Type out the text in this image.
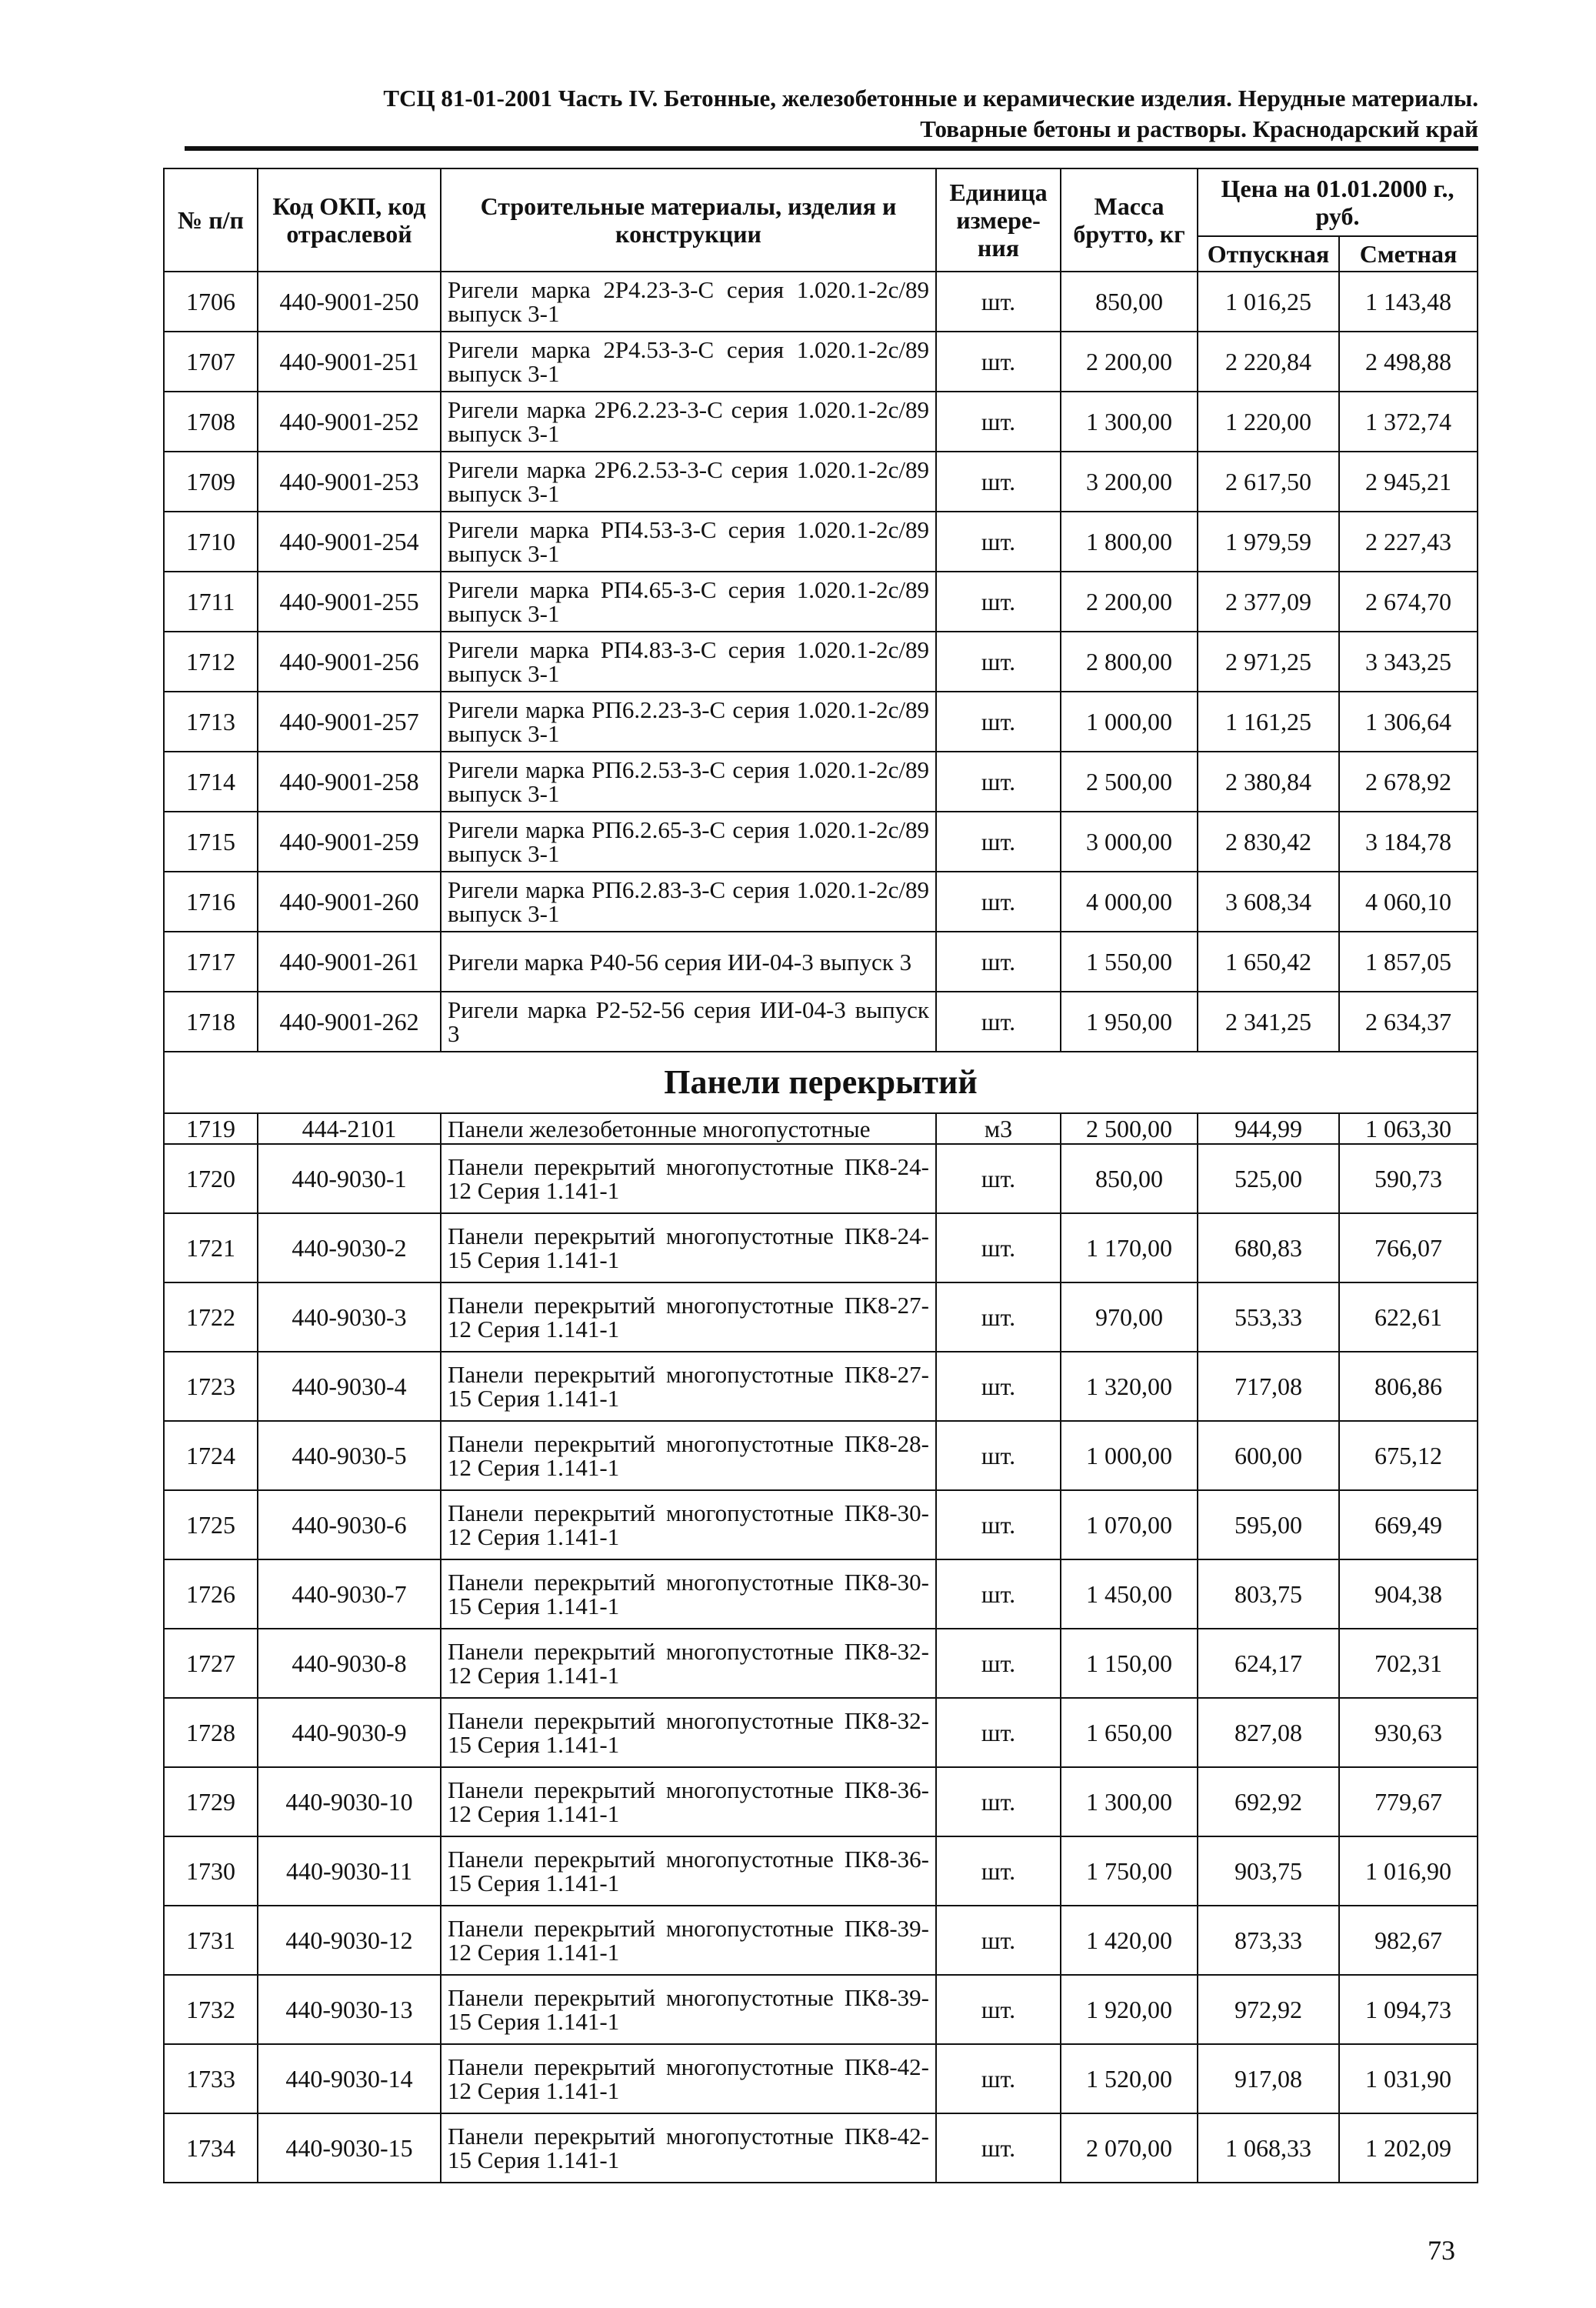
ТСЦ 81-01-2001 Часть IV. Бетонные, железобетонные и керамические изделия. Нерудные материалы.
Товарные бетоны и растворы. Краснодарский край
№ п/п	Код ОКП, код отраслевой	Строительные материалы, изделия и конструкции	Единица измере-ния	Масса брутто, кг	Цена на 01.01.2000 г., руб.	
					Отпускная	Сметная
1706	440-9001-250	Ригели марка 2Р4.23-3-С серия 1.020.1-2с/89 выпуск 3-1	шт.	850,00	1 016,25	1 143,48
1707	440-9001-251	Ригели марка 2Р4.53-3-С серия 1.020.1-2с/89 выпуск 3-1	шт.	2 200,00	2 220,84	2 498,88
1708	440-9001-252	Ригели марка 2Р6.2.23-3-С серия 1.020.1-2с/89 выпуск 3-1	шт.	1 300,00	1 220,00	1 372,74
1709	440-9001-253	Ригели марка 2Р6.2.53-3-С серия 1.020.1-2с/89 выпуск 3-1	шт.	3 200,00	2 617,50	2 945,21
1710	440-9001-254	Ригели марка РП4.53-3-С серия 1.020.1-2с/89 выпуск 3-1	шт.	1 800,00	1 979,59	2 227,43
1711	440-9001-255	Ригели марка РП4.65-3-С серия 1.020.1-2с/89 выпуск 3-1	шт.	2 200,00	2 377,09	2 674,70
1712	440-9001-256	Ригели марка РП4.83-3-С серия 1.020.1-2с/89 выпуск 3-1	шт.	2 800,00	2 971,25	3 343,25
1713	440-9001-257	Ригели марка РП6.2.23-3-С серия 1.020.1-2с/89 выпуск 3-1	шт.	1 000,00	1 161,25	1 306,64
1714	440-9001-258	Ригели марка РП6.2.53-3-С серия 1.020.1-2с/89 выпуск 3-1	шт.	2 500,00	2 380,84	2 678,92
1715	440-9001-259	Ригели марка РП6.2.65-3-С серия 1.020.1-2с/89 выпуск 3-1	шт.	3 000,00	2 830,42	3 184,78
1716	440-9001-260	Ригели марка РП6.2.83-3-С серия 1.020.1-2с/89 выпуск 3-1	шт.	4 000,00	3 608,34	4 060,10
1717	440-9001-261	Ригели марка Р40-56 серия ИИ-04-3 выпуск 3	шт.	1 550,00	1 650,42	1 857,05
1718	440-9001-262	Ригели марка Р2-52-56 серия ИИ-04-3 выпуск 3	шт.	1 950,00	2 341,25	2 634,37
Панели перекрытий						
1719	444-2101	Панели железобетонные многопустотные	м3	2 500,00	944,99	1 063,30
1720	440-9030-1	Панели перекрытий многопустотные ПК8-24-12 Серия 1.141-1	шт.	850,00	525,00	590,73
1721	440-9030-2	Панели перекрытий многопустотные ПК8-24-15 Серия 1.141-1	шт.	1 170,00	680,83	766,07
1722	440-9030-3	Панели перекрытий многопустотные ПК8-27-12 Серия 1.141-1	шт.	970,00	553,33	622,61
1723	440-9030-4	Панели перекрытий многопустотные ПК8-27-15 Серия 1.141-1	шт.	1 320,00	717,08	806,86
1724	440-9030-5	Панели перекрытий многопустотные ПК8-28-12 Серия 1.141-1	шт.	1 000,00	600,00	675,12
1725	440-9030-6	Панели перекрытий многопустотные ПК8-30-12 Серия 1.141-1	шт.	1 070,00	595,00	669,49
1726	440-9030-7	Панели перекрытий многопустотные ПК8-30-15 Серия 1.141-1	шт.	1 450,00	803,75	904,38
1727	440-9030-8	Панели перекрытий многопустотные ПК8-32-12 Серия 1.141-1	шт.	1 150,00	624,17	702,31
1728	440-9030-9	Панели перекрытий многопустотные ПК8-32-15 Серия 1.141-1	шт.	1 650,00	827,08	930,63
1729	440-9030-10	Панели перекрытий многопустотные ПК8-36-12 Серия 1.141-1	шт.	1 300,00	692,92	779,67
1730	440-9030-11	Панели перекрытий многопустотные ПК8-36-15 Серия 1.141-1	шт.	1 750,00	903,75	1 016,90
1731	440-9030-12	Панели перекрытий многопустотные ПК8-39-12 Серия 1.141-1	шт.	1 420,00	873,33	982,67
1732	440-9030-13	Панели перекрытий многопустотные ПК8-39-15 Серия 1.141-1	шт.	1 920,00	972,92	1 094,73
1733	440-9030-14	Панели перекрытий многопустотные ПК8-42-12 Серия 1.141-1	шт.	1 520,00	917,08	1 031,90
1734	440-9030-15	Панели перекрытий многопустотные ПК8-42-15 Серия 1.141-1	шт.	2 070,00	1 068,33	1 202,09
73
